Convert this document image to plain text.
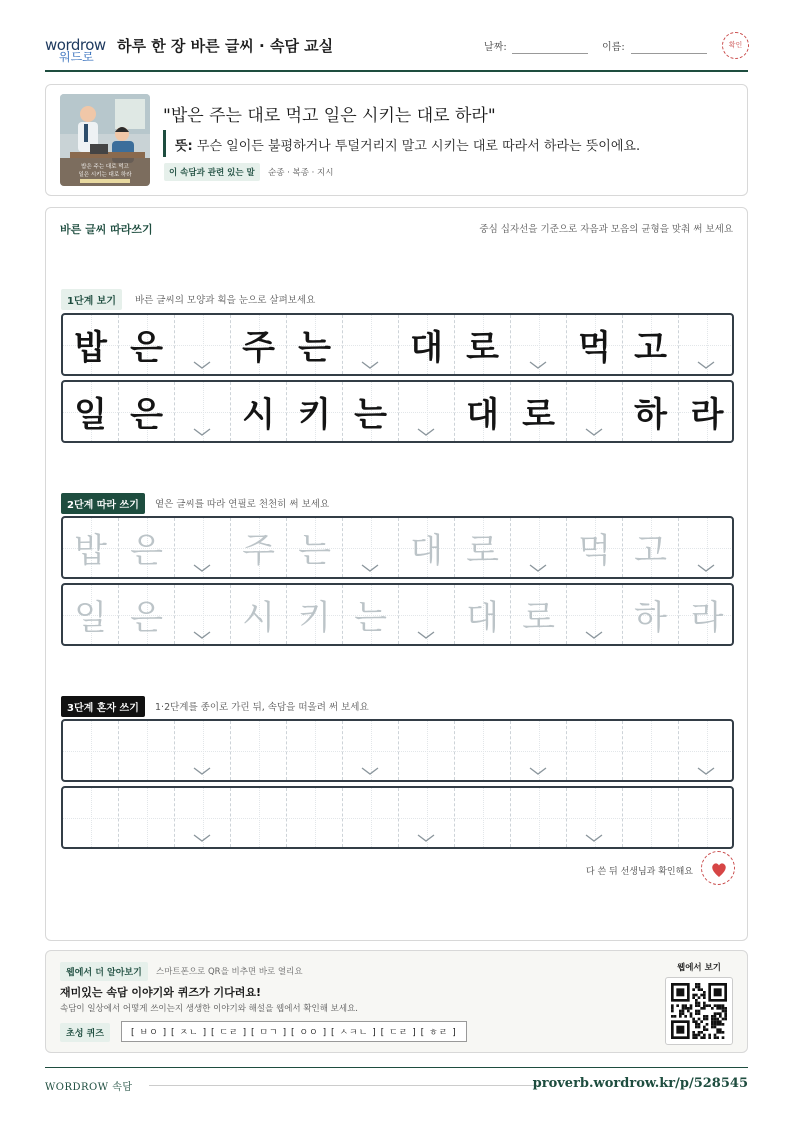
wordrow
워드로
하루 한 장 바른 글씨 · 속담 교실	날짜:	이름:	확인
밥은 주는 대로 먹고
일은 시키는 대로 하라
"밥은 주는 대로 먹고 일은 시키는 대로 하라"
뜻: 무슨 일이든 불평하거나 투덜거리지 말고 시키는 대로 따라서 하라는 뜻이에요.
이 속담과 관련 있는 말	순종 · 복종 · 지시
바른 글씨 따라쓰기	중심 십자선을 기준으로 자음과 모음의 균형을 맞춰 써 보세요
1단계 보기	바른 글씨의 모양과 획을 눈으로 살펴보세요
밥 은	주 는	대 로	먹 고
일 은	시 키 는	대 로	하 라
2단계 따라 쓰기	옅은 글씨를 따라 연필로 천천히 써 보세요
밥 은	주 는	대 로	먹 고
일 은	시 키 는	대 로	하 라
3단계 혼자 쓰기	1·2단계를 종이로 가린 뒤, 속담을 떠올려 써 보세요
다 쓴 뒤 선생님과 확인해요
웹에서 더 알아보기	스마트폰으로 QR을 비추면 바로 열리요
재미있는 속담 이야기와 퀴즈가 기다려요!
속담이 일상에서 어떻게 쓰이는지 생생한 이야기와 해설을 웹에서 확인해 보세요.
초성 퀴즈	[ ㅂㅇ ] [ ㅈㄴ ] [ ㄷㄹ ] [ ㅁㄱ ] [ ㅇㅇ ] [ ㅅㅋㄴ ] [ ㄷㄹ ] [ ㅎㄹ ]
웹에서 보기
WORDROW 속담	proverb.wordrow.kr/p/528545
